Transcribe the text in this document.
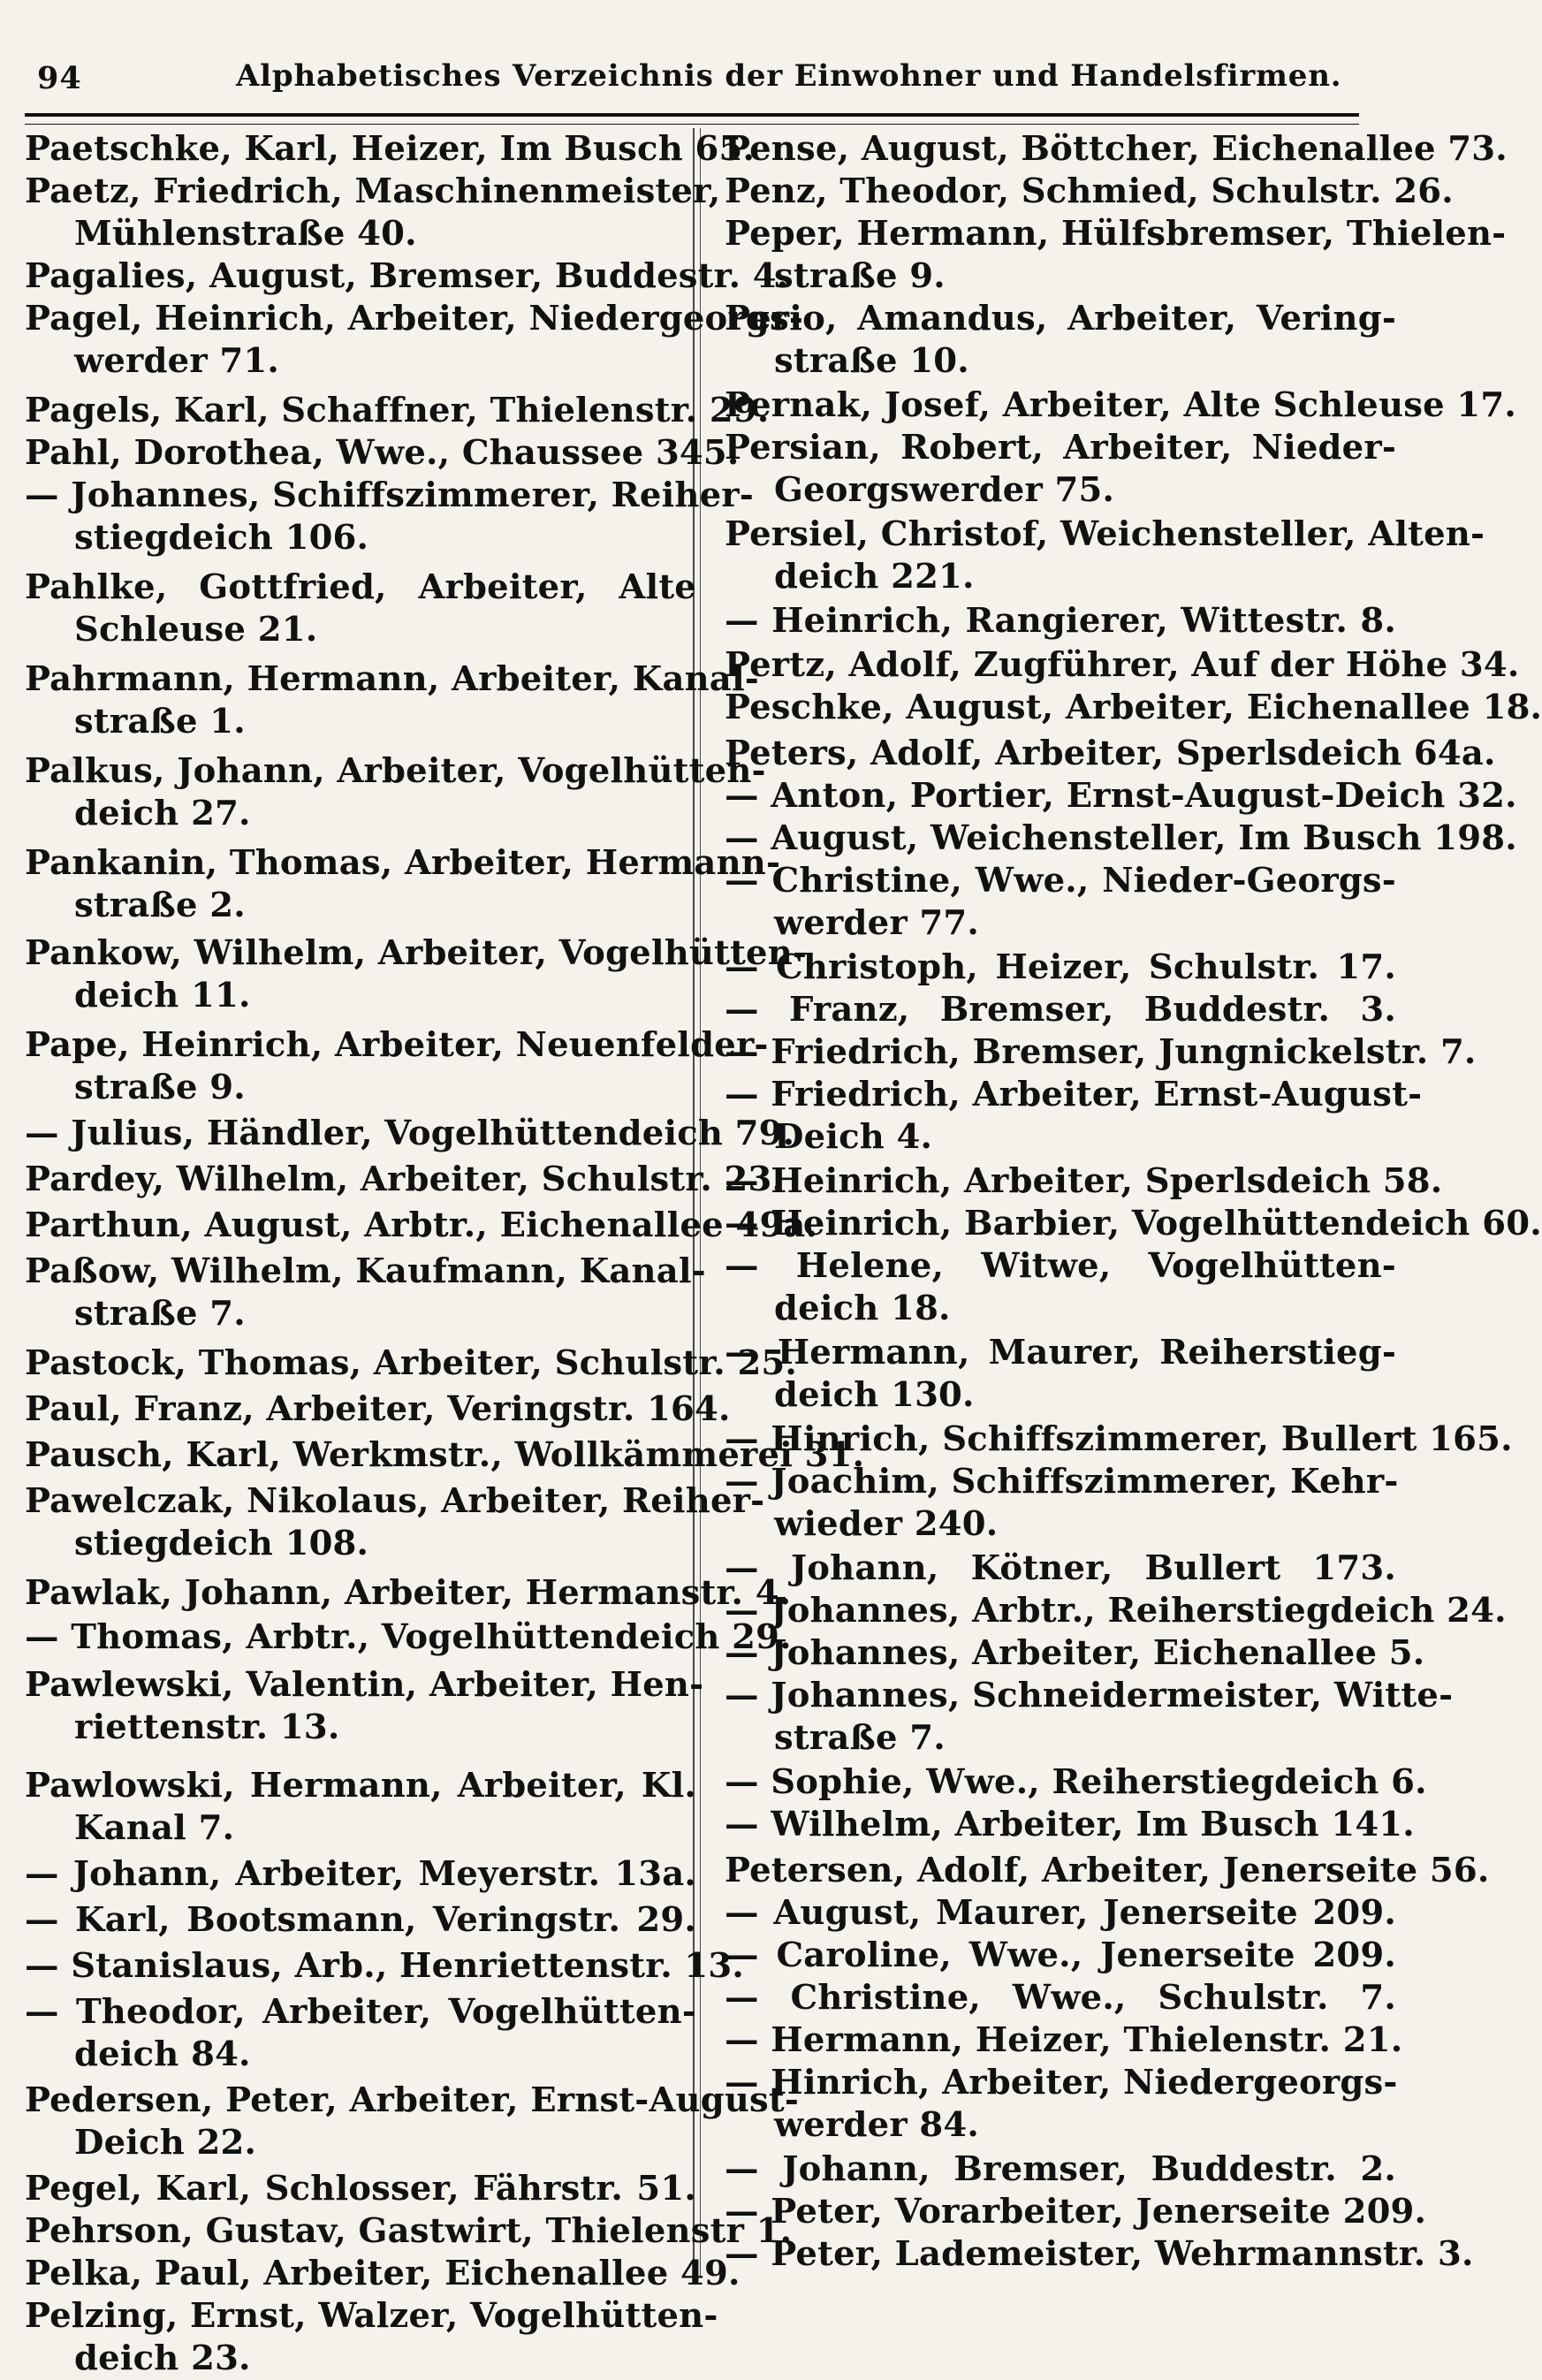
94	Alphabetisches Verzeichnis der Einwohner und Handelsfirmen.
Paetschke, Karl, Heizer, Im Busch 65.
Paetz, Friedrich, Maschinenmeister,
Mühlenstraße 40.
Pagalies, August, Bremser, Buddestr. 4.
Pagel, Heinrich, Arbeiter, Niedergeorgs-
werder 71.
Pagels, Karl, Schaffner, Thielenstr. 29.
Pahl, Dorothea, Wwe., Chaussee 345.
— Johannes, Schiffszimmerer, Reiher-
stiegdeich 106.
Pahlke, Gottfried, Arbeiter, Alte
Schleuse 21.
Pahrmann, Hermann, Arbeiter, Kanal-
straße 1.
Palkus, Johann, Arbeiter, Vogelhütten-
deich 27.
Pankanin, Thomas, Arbeiter, Hermann-
straße 2.
Pankow, Wilhelm, Arbeiter, Vogelhütten-
deich 11.
Pape, Heinrich, Arbeiter, Neuenfelder-
straße 9.
— Julius, Händler, Vogelhüttendeich 79.
Pardey, Wilhelm, Arbeiter, Schulstr. 23.
Parthun, August, Arbtr., Eichenallee 49a.
Paßow, Wilhelm, Kaufmann, Kanal-
straße 7.
Pastock, Thomas, Arbeiter, Schulstr. 25.
Paul, Franz, Arbeiter, Veringstr. 164.
Pausch, Karl, Werkmstr., Wollkämmerei 31.
Pawelczak, Nikolaus, Arbeiter, Reiher-
stiegdeich 108.
Pawlak, Johann, Arbeiter, Hermanstr. 4.
— Thomas, Arbtr., Vogelhüttendeich 29.
Pawlewski, Valentin, Arbeiter, Hen-
riettenstr. 13.
Pawlowski, Hermann, Arbeiter, Kl.
Kanal 7.
— Johann, Arbeiter, Meyerstr. 13a.
— Karl, Bootsmann, Veringstr. 29.
— Stanislaus, Arb., Henriettenstr. 13.
— Theodor, Arbeiter, Vogelhütten-
deich 84.
Pedersen, Peter, Arbeiter, Ernst-August-
Deich 22.
Pegel, Karl, Schlosser, Fährstr. 51.
Pehrson, Gustav, Gastwirt, Thielenstr 1.
Pelka, Paul, Arbeiter, Eichenallee 49.
Pelzing, Ernst, Walzer, Vogelhütten-
deich 23.
Pense, August, Böttcher, Eichenallee 73.
Penz, Theodor, Schmied, Schulstr. 26.
Peper, Hermann, Hülfsbremser, Thielen-
straße 9.
Perio, Amandus, Arbeiter, Vering-
straße 10.
Pernak, Josef, Arbeiter, Alte Schleuse 17.
Persian, Robert, Arbeiter, Nieder-
Georgswerder 75.
Persiel, Christof, Weichensteller, Alten-
deich 221.
— Heinrich, Rangierer, Wittestr. 8.
Pertz, Adolf, Zugführer, Auf der Höhe 34.
Peschke, August, Arbeiter, Eichenallee 18.
Peters, Adolf, Arbeiter, Sperlsdeich 64a.
— Anton, Portier, Ernst-August-Deich 32.
— August, Weichensteller, Im Busch 198.
— Christine, Wwe., Nieder-Georgs-
werder 77.
— Christoph, Heizer, Schulstr. 17.
— Franz, Bremser, Buddestr. 3.
— Friedrich, Bremser, Jungnickelstr. 7.
— Friedrich, Arbeiter, Ernst-August-
Deich 4.
— Heinrich, Arbeiter, Sperlsdeich 58.
— Heinrich, Barbier, Vogelhüttendeich 60.
— Helene, Witwe, Vogelhütten-
deich 18.
— Hermann, Maurer, Reiherstieg-
deich 130.
— Hinrich, Schiffszimmerer, Bullert 165.
— Joachim, Schiffszimmerer, Kehr-
wieder 240.
— Johann, Kötner, Bullert 173.
— Johannes, Arbtr., Reiherstiegdeich 24.
— Johannes, Arbeiter, Eichenallee 5.
— Johannes, Schneidermeister, Witte-
straße 7.
— Sophie, Wwe., Reiherstiegdeich 6.
— Wilhelm, Arbeiter, Im Busch 141.
Petersen, Adolf, Arbeiter, Jenerseite 56.
— August, Maurer, Jenerseite 209.
— Caroline, Wwe., Jenerseite 209.
— Christine, Wwe., Schulstr. 7.
— Hermann, Heizer, Thielenstr. 21.
— Hinrich, Arbeiter, Niedergeorgs-
werder 84.
— Johann, Bremser, Buddestr. 2.
— Peter, Vorarbeiter, Jenerseite 209.
— Peter, Lademeister, Wehrmannstr. 3.
